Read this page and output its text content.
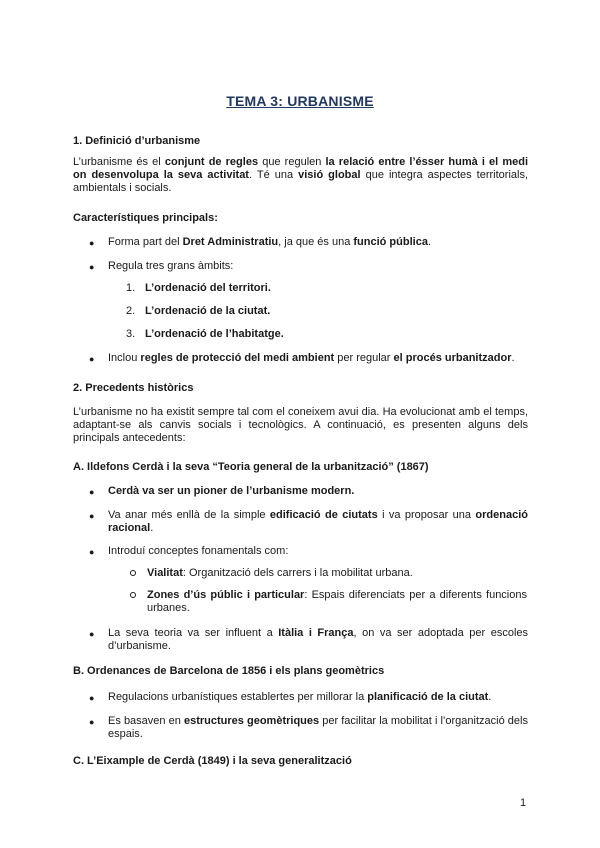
TEMA 3: URBANISME
1. Definició d’urbanisme
L’urbanisme és el conjunt de regles que regulen la relació entre l’ésser humà i el medi on desenvolupa la seva activitat. Té una visió global que integra aspectes territorials, ambientals i socials.
Característiques principals:
● Forma part del Dret Administratiu, ja que és una funció pública.
● Regula tres grans àmbits:
1. L’ordenació del territori.
2. L’ordenació de la ciutat.
3. L’ordenació de l’habitatge.
● Inclou regles de protecció del medi ambient per regular el procés urbanitzador.
2. Precedents històrics
L’urbanisme no ha existit sempre tal com el coneixem avui dia. Ha evolucionat amb el temps, adaptant-se als canvis socials i tecnològics. A continuació, es presenten alguns dels principals antecedents:
A. Ildefons Cerdà i la seva “Teoria general de la urbanització” (1867)
● Cerdà va ser un pioner de l’urbanisme modern.
● Va anar més enllà de la simple edificació de ciutats i va proposar una ordenació racional.
● Introduí conceptes fonamentals com:
Vialitat: Organització dels carrers i la mobilitat urbana.
Zones d’ús públic i particular: Espais diferenciats per a diferents funcions urbanes.
● La seva teoria va ser influent a Itàlia i França, on va ser adoptada per escoles d’urbanisme.
B. Ordenances de Barcelona de 1856 i els plans geomètrics
● Regulacions urbanístiques establertes per millorar la planificació de la ciutat.
● Es basaven en estructures geomètriques per facilitar la mobilitat i l’organització dels espais.
C. L’Eixample de Cerdà (1849) i la seva generalització
1
